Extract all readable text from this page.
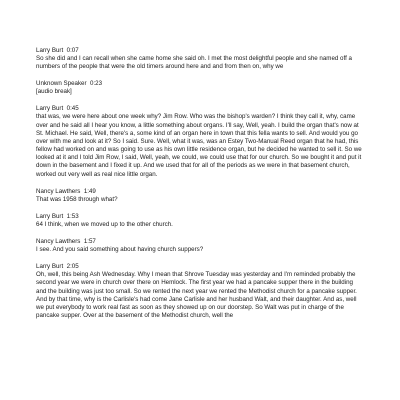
Larry Burt 0:07

So she did and I can recall when she came home she said oh. I met the most delightful people and she named off a numbers of the people that were the old timers around here and and from then on, why we

Unknown Speaker 0:23

[audio break]

Larry Burt 0:45

that was, we were here about one week why? Jim Row. Who was the bishop's warden? I think they call it, why, came over and he said all I hear you know, a little something about organs. I'll say, Well, yeah. I build the organ that's now at St. Michael. He said, Well, there's a, some kind of an organ here in town that this fella wants to sell. And would you go over with me and look at it? So I said. Sure. Well, what it was, was an Estey Two-Manual Reed organ that he had, this fellow had worked on and was going to use as his own little residence organ, but he decided he wanted to sell it. So we looked at it and I told Jim Row, I said, Well, yeah, we could, we could use that for our church. So we bought it and put it down in the basement and I fixed it up. And we used that for all of the periods as we were in that basement church, worked out very well as real nice little organ.

Nancy Lawthers 1:49

That was 1958 through what?

Larry Burt 1:53

64 I think, when we moved up to the other church.

Nancy Lawthers 1:57

I see. And you said something about having church suppers?

Larry Burt 2:05

Oh, well, this being Ash Wednesday. Why I mean that Shrove Tuesday was yesterday and I'm reminded probably the second year we were in church over there on Hemlock. The first year we had a pancake supper there in the building and the building was just too small. So we rented the next year we rented the Methodist church for a pancake supper. And by that time, why is the Carlisle's had come Jane Carlisle and her husband Walt, and their daughter. And as, well we put everybody to work real fast as soon as they showed up on our doorstep. So Walt was put in charge of the pancake supper. Over at the basement of the Methodist church, well the
